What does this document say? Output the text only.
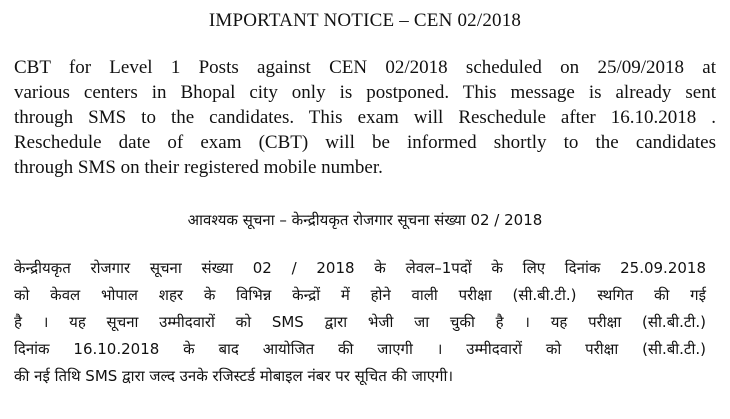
IMPORTANT NOTICE – CEN 02/2018
CBT for Level 1 Posts against CEN 02/2018 scheduled on 25/09/2018 at
various centers in Bhopal city only is postponed. This message is already sent
through SMS to the candidates. This exam will Reschedule after 16.10.2018 .
Reschedule date of exam (CBT) will be informed shortly to the candidates
through SMS on their registered mobile number.
आवश्यक सूचना – केन्द्रीयकृत रोजगार सूचना संख्या 02 / 2018
केन्द्रीयकृत रोजगार सूचना संख्या 02 / 2018 के लेवल–1पदों के लिए दिनांक 25.09.2018
को केवल भोपाल शहर के विभिन्न केन्द्रों में होने वाली परीक्षा (सी.बी.टी.) स्थगित की गई
है । यह सूचना उम्मीदवारों को SMS द्वारा भेजी जा चुकी है । यह परीक्षा (सी.बी.टी.)
दिनांक 16.10.2018 के बाद आयोजित की जाएगी । उम्मीदवारों को परीक्षा (सी.बी.टी.)
की नई तिथि SMS द्वारा जल्द उनके रजिस्टर्ड मोबाइल नंबर पर सूचित की जाएगी।
